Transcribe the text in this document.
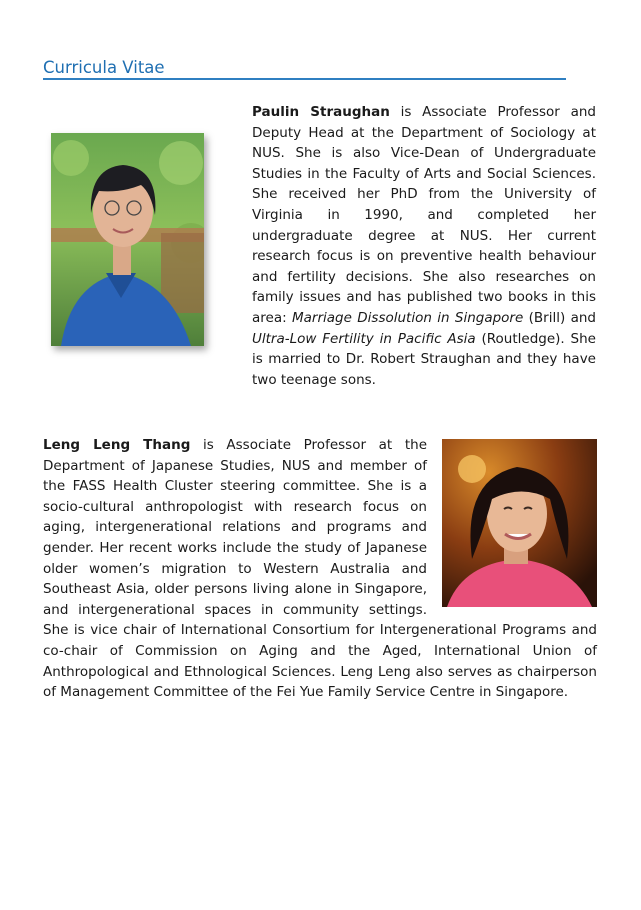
Curricula Vitae
Paulin Straughan is Associate Professor and Deputy Head at the Department of Sociology at NUS. She is also Vice-Dean of Undergraduate Studies in the Faculty of Arts and Social Sciences. She received her PhD from the University of Virginia in 1990, and completed her undergraduate degree at NUS. Her current research focus is on preventive health behaviour and fertility decisions. She also researches on family issues and has published two books in this area: Marriage Dissolution in Singapore (Brill) and Ultra-Low Fertility in Pacific Asia (Routledge). She is married to Dr. Robert Straughan and they have two teenage sons.
Leng Leng Thang is Associate Professor at the Department of Japanese Studies, NUS and member of the FASS Health Cluster steering committee. She is a socio-cultural anthropologist with research focus on aging, intergenerational relations and programs and gender. Her recent works include the study of Japanese older women’s migration to Western Australia and Southeast Asia, older persons living alone in Singapore, and intergenerational spaces in community settings. She is vice chair of International Consortium for Intergenerational Programs and co-chair of Commission on Aging and the Aged, International Union of Anthropological and Ethnological Sciences. Leng Leng also serves as chairperson of Management Committee of the Fei Yue Family Service Centre in Singapore.
